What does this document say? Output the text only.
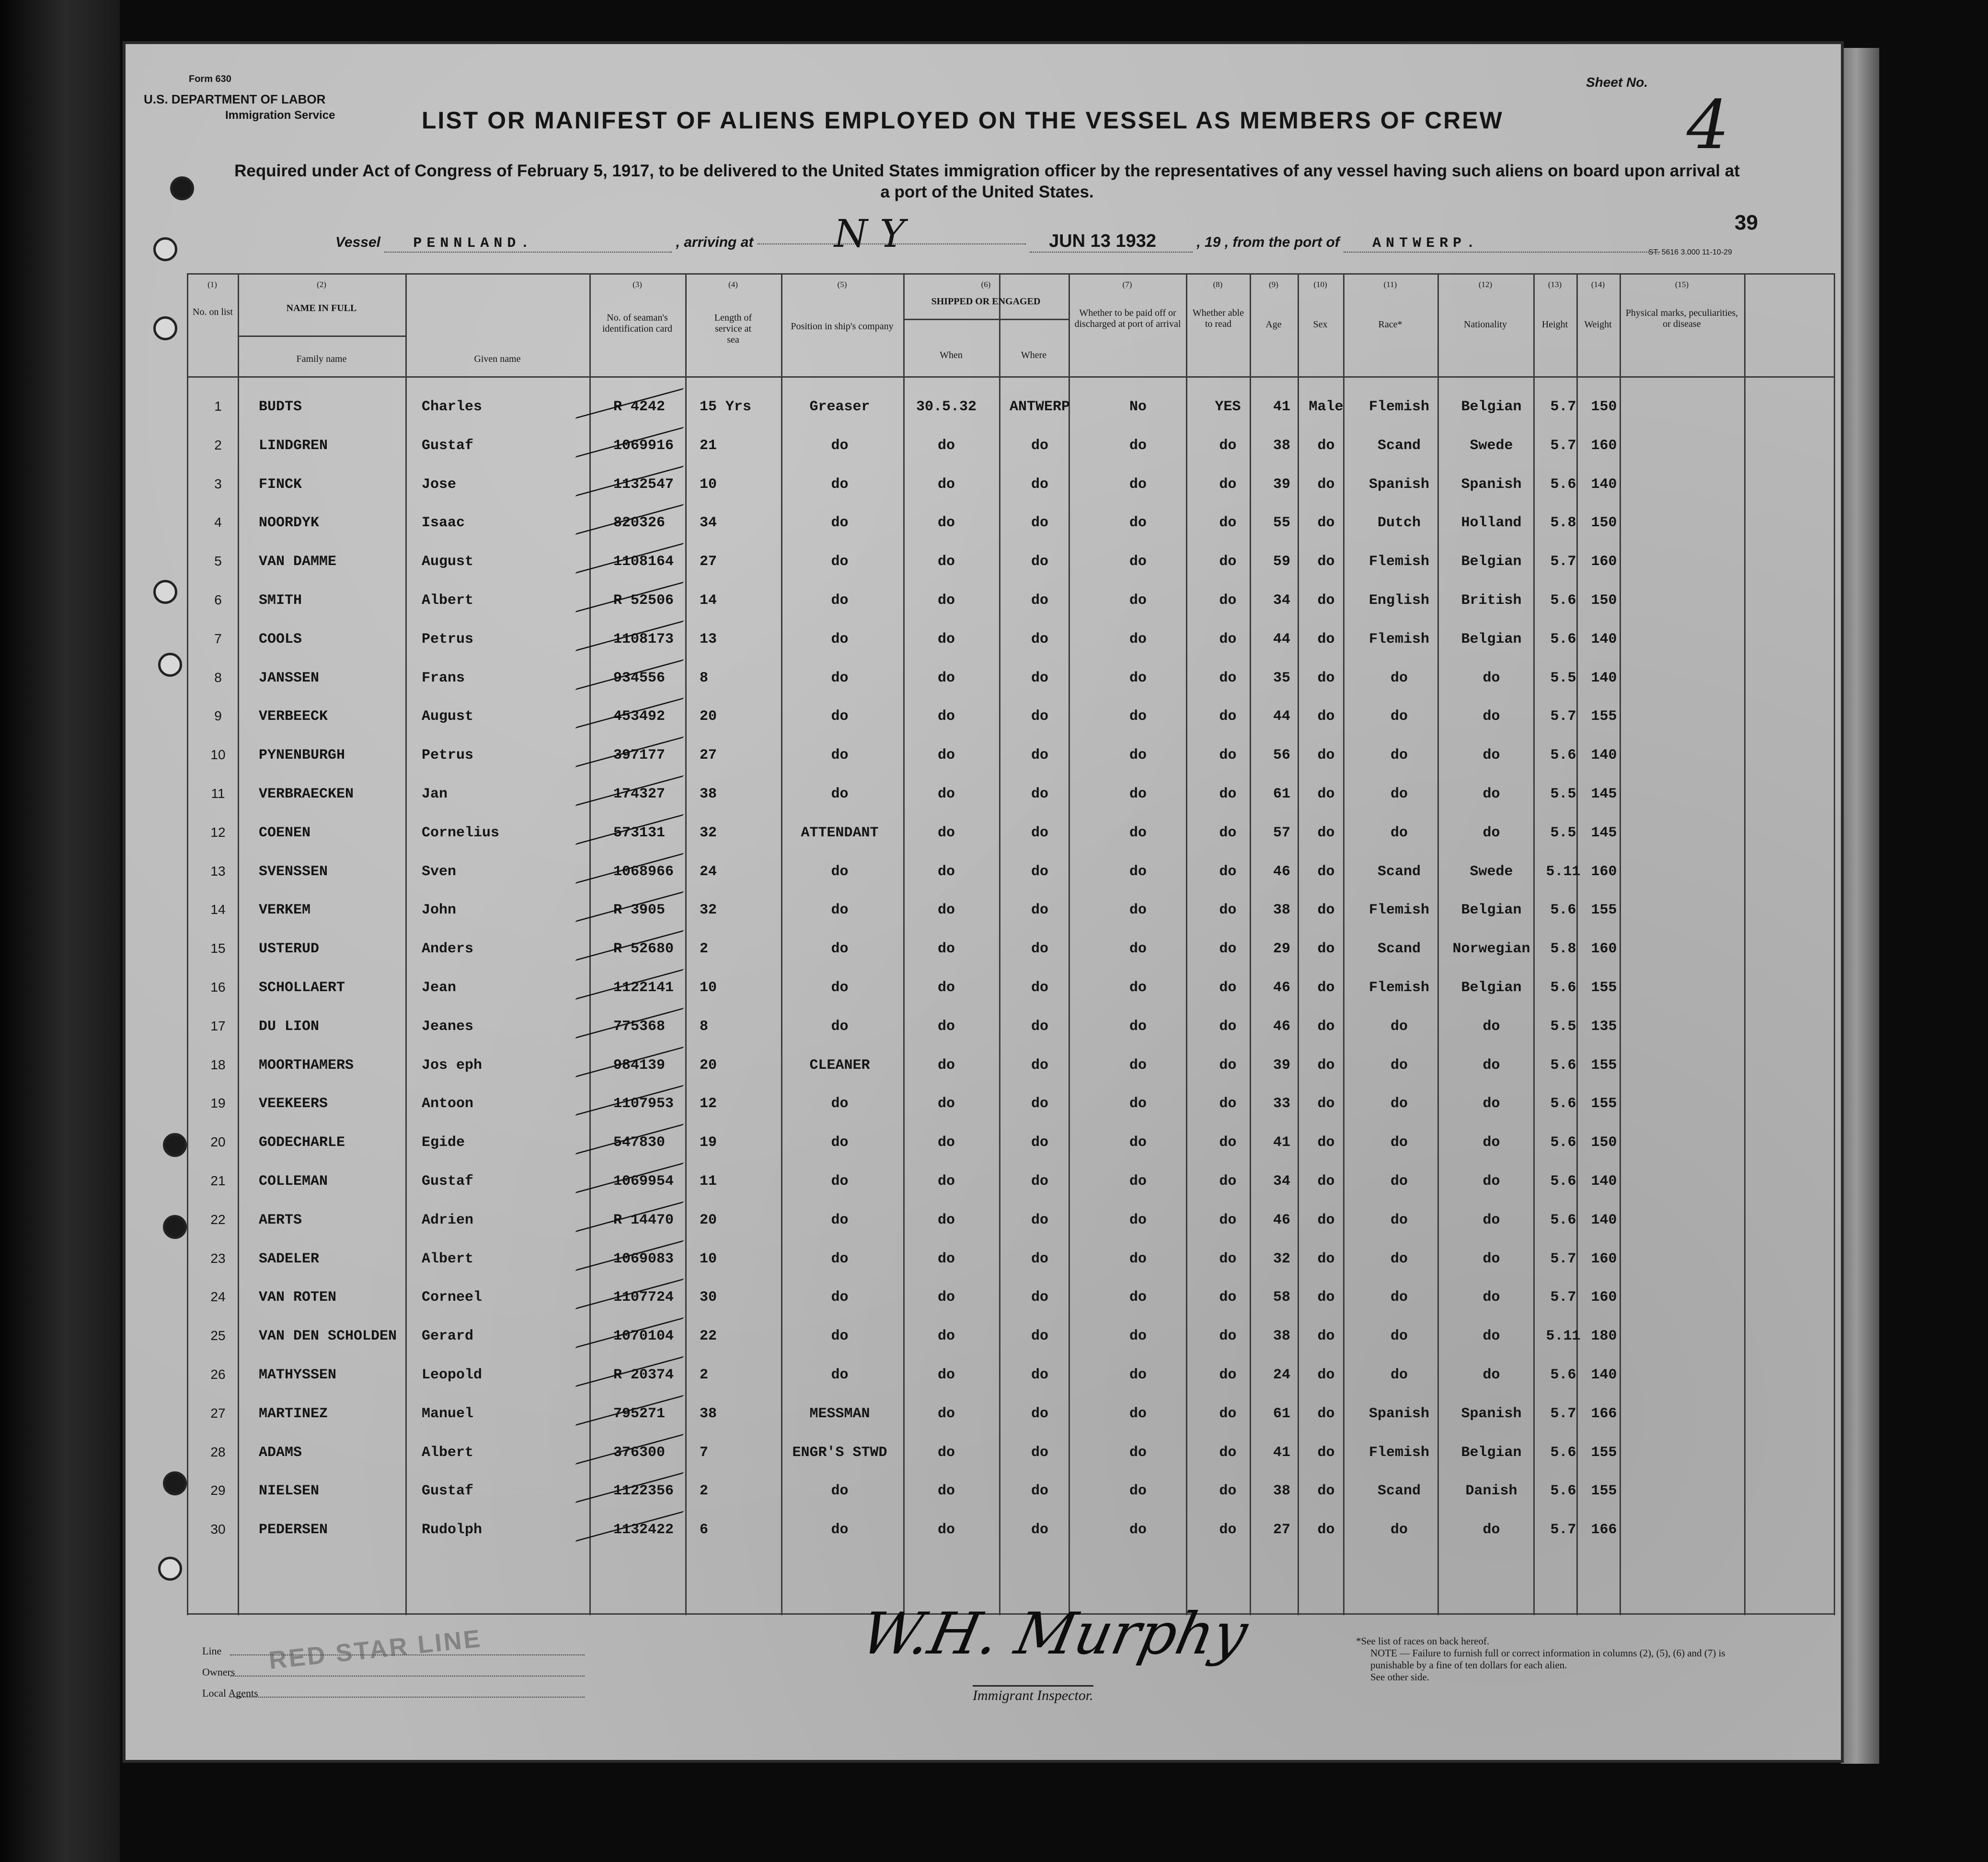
Form 630
U.S. DEPARTMENT OF LABOR
Immigration Service	LIST OR MANIFEST OF ALIENS EMPLOYED ON THE VESSEL AS MEMBERS OF CREW
Sheet No.
4
Required under Act of Congress of February 5, 1917, to be delivered to the United States immigration officer by the representatives of any vessel having such aliens on board upon arrival at a port of the United States.
Vessel PENNLAND.	, arriving at N Y	JUN 13 1932	, 19 , from the port of ANTWERP.
39
ST. 5616 3.000 11-10-29
(1)	(2)	(3)	(4)	(5)	(6)	(7)	(8)	(9)	(10)	(11)	(12)	(13)	(14)	(15)
No. on list	NAME IN FULL
Family name	Given name
No. of seaman's identification card
Length of service at sea
Position in ship's company
SHIPPED OR ENGAGED
When	Where
Whether to be paid off or discharged at port of arrival
Whether able to read	Age	Sex	Race*	Nationality	Height	Weight
Physical marks, peculiarities, or disease
1	BUDTS	Charles	R 4242 15 Yrs	Greaser	30.5.32	ANTWERP	No	YES	41	Male	Flemish	Belgian	5.7	150
2	LINDGREN	Gustaf	1069916 21	do	do	do	do	do	38	do	Scand	Swede	5.7	160
3	FINCK	Jose	1132547 10	do	do	do	do	do	39	do	Spanish	Spanish	5.6	140
4	NOORDYK	Isaac	820326 34	do	do	do	do	do	55	do	Dutch	Holland	5.8	150
5	VAN DAMME	August	1108164 27	do	do	do	do	do	59	do	Flemish	Belgian	5.7	160
6	SMITH	Albert	R 52506 14	do	do	do	do	do	34	do	English	British	5.6	150
7	COOLS	Petrus	1108173 13	do	do	do	do	do	44	do	Flemish	Belgian	5.6	140
8	JANSSEN	Frans	934556 8	do	do	do	do	do	35	do	do	do	5.5	140
9	VERBEECK	August	453492 20	do	do	do	do	do	44	do	do	do	5.7	155
10	PYNENBURGH	Petrus	397177 27	do	do	do	do	do	56	do	do	do	5.6	140
11	VERBRAECKEN	Jan	174327 38	do	do	do	do	do	61	do	do	do	5.5	145
12	COENEN	Cornelius	573131 32	ATTENDANT	do	do	do	do	57	do	do	do	5.5	145
13	SVENSSEN	Sven	1068966 24	do	do	do	do	do	46	do	Scand	Swede	5.11 160
14	VERKEM	John	R 3905 32	do	do	do	do	do	38	do	Flemish	Belgian	5.6	155
15	USTERUD	Anders	R 52680 2	do	do	do	do	do	29	do	Scand	Norwegian	5.8	160
16	SCHOLLAERT	Jean	1122141 10	do	do	do	do	do	46	do	Flemish	Belgian	5.6	155
17	DU LION	Jeanes	775368 8	do	do	do	do	do	46	do	do	do	5.5	135
18	MOORTHAMERS	Jos eph	984139 20	CLEANER	do	do	do	do	39	do	do	do	5.6	155
19	VEEKEERS	Antoon	1107953 12	do	do	do	do	do	33	do	do	do	5.6	155
20	GODECHARLE	Egide	547830 19	do	do	do	do	do	41	do	do	do	5.6	150
21	COLLEMAN	Gustaf	1069954 11	do	do	do	do	do	34	do	do	do	5.6	140
22	AERTS	Adrien	R 14470 20	do	do	do	do	do	46	do	do	do	5.6	140
23	SADELER	Albert	1069083 10	do	do	do	do	do	32	do	do	do	5.7	160
24	VAN ROTEN	Corneel	1107724 30	do	do	do	do	do	58	do	do	do	5.7	160
25	VAN DEN SCHOLDEN Gerard	1070104 22	do	do	do	do	do	38	do	do	do	5.11 180
26	MATHYSSEN	Leopold	R 20374 2	do	do	do	do	do	24	do	do	do	5.6	140
27	MARTINEZ	Manuel	795271 38	MESSMAN	do	do	do	do	61	do	Spanish	Spanish	5.7	166
28	ADAMS	Albert	376300 7	ENGR'S STWD	do	do	do	do	41	do	Flemish	Belgian	5.6	155
29	NIELSEN	Gustaf	1122356 2	do	do	do	do	do	38	do	Scand	Danish	5.6	155
30	PEDERSEN	Rudolph	1132422 6	do	do	do	do	do	27	do	do	do	5.7	166
Line
Owners
Local Agents
RED STAR LINE	W.H. Murphy
Immigrant Inspector.
*See list of races on back hereof.
NOTE — Failure to furnish full or correct information in columns (2), (5), (6) and (7) is punishable by a fine of ten dollars for each alien.
See other side.
